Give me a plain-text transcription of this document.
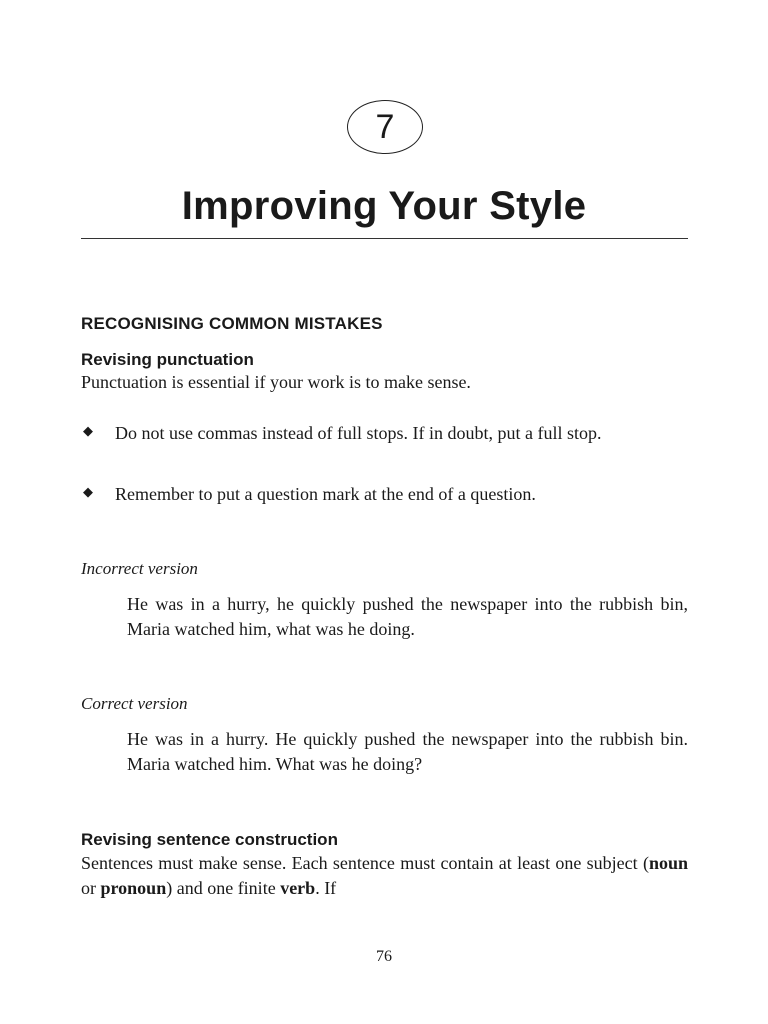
7
Improving Your Style
RECOGNISING COMMON MISTAKES
Revising punctuation

Punctuation is essential if your work is to make sense.

◆ Do not use commas instead of full stops. If in doubt, put a full stop.
◆ Remember to put a question mark at the end of a question.
Incorrect version
He was in a hurry, he quickly pushed the newspaper into the rubbish bin, Maria watched him, what was he doing.
Correct version
He was in a hurry. He quickly pushed the newspaper into the rubbish bin. Maria watched him. What was he doing?
Revising sentence construction

Sentences must make sense. Each sentence must contain at least one subject (noun or pronoun) and one finite verb. If

76
